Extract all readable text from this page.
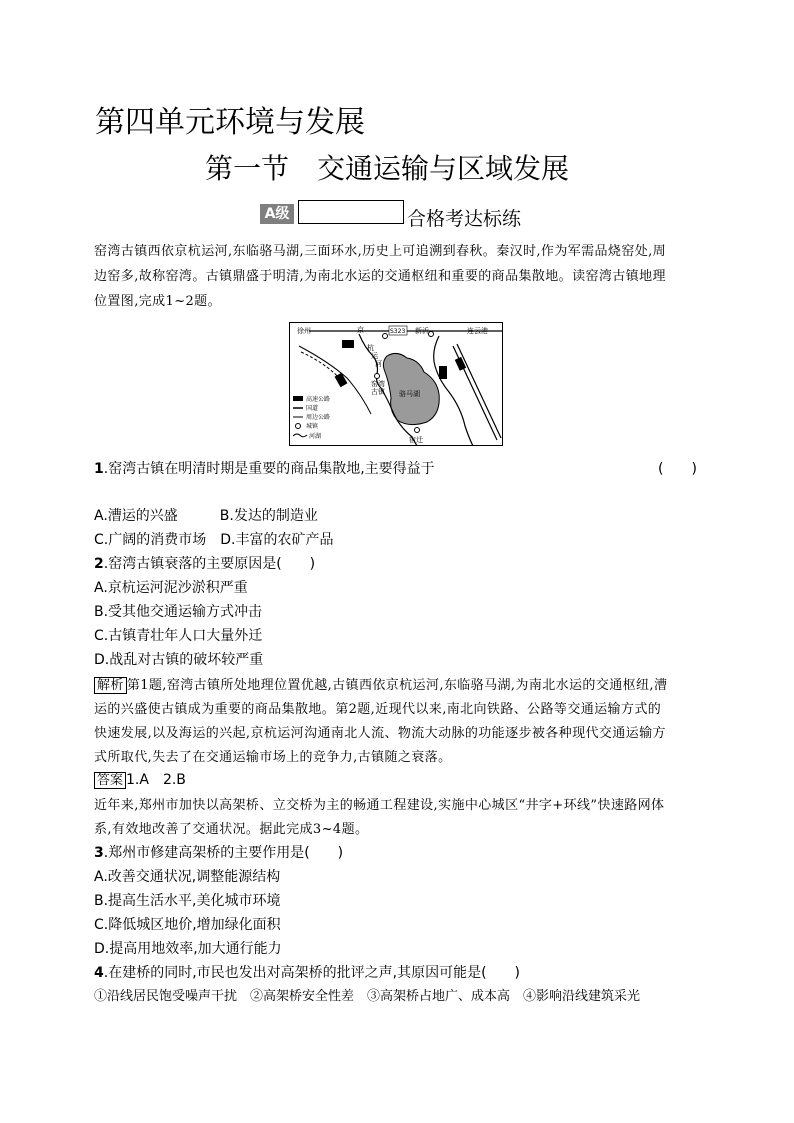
第四单元环境与发展
第一节　交通运输与区域发展
A级	合格考达标练
窑湾古镇西依京杭运河,东临骆马湖,三面环水,历史上可追溯到春秋。秦汉时,作为军需品烧窑处,周
边窑多,故称窑湾。古镇鼎盛于明清,为南北水运的交通枢纽和重要的商品集散地。读窑湾古镇地理
位置图,完成1~2题。
徐州	京	S323 新沂	连云港
杭
运
河
窑湾
古镇 骆马湖
宿迁
高速公路
国道
周边公路
城镇
河湖
1.窑湾古镇在明清时期是重要的商品集散地,主要得益于	(　　)
A.漕运的兴盛　　　B.发达的制造业
C.广阔的消费市场　D.丰富的农矿产品
2.窑湾古镇衰落的主要原因是(　　)
A.京杭运河泥沙淤积严重
B.受其他交通运输方式冲击
C.古镇青壮年人口大量外迁
D.战乱对古镇的破坏较严重
解析 第1题,窑湾古镇所处地理位置优越,古镇西依京杭运河,东临骆马湖,为南北水运的交通枢纽,漕
运的兴盛使古镇成为重要的商品集散地。第2题,近现代以来,南北向铁路、公路等交通运输方式的
快速发展,以及海运的兴起,京杭运河沟通南北人流、物流大动脉的功能逐步被各种现代交通运输方
式所取代,失去了在交通运输市场上的竞争力,古镇随之衰落。
答案 1.A　2.B
近年来,郑州市加快以高架桥、立交桥为主的畅通工程建设,实施中心城区“井字+环线”快速路网体
系,有效地改善了交通状况。据此完成3~4题。
3.郑州市修建高架桥的主要作用是(　　)
A.改善交通状况,调整能源结构
B.提高生活水平,美化城市环境
C.降低城区地价,增加绿化面积
D.提高用地效率,加大通行能力
4.在建桥的同时,市民也发出对高架桥的批评之声,其原因可能是(　　)
①沿线居民饱受噪声干扰　②高架桥安全性差　③高架桥占地广、成本高　④影响沿线建筑采光
